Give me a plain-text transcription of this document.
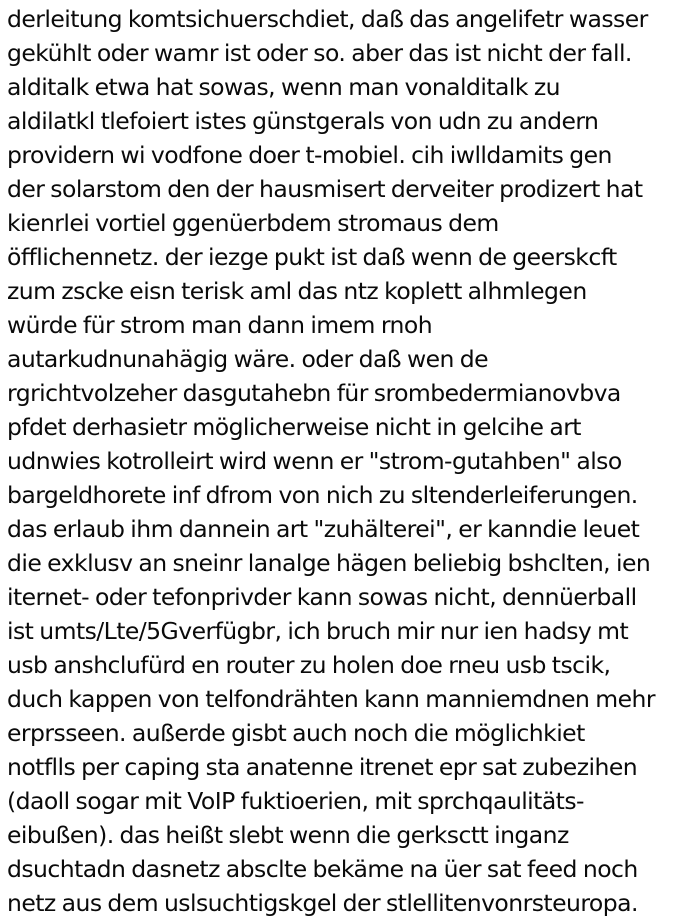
derleitung komtsichuerschdiet, daß das angelifetr wasser
gekühlt oder wamr ist oder so. aber das ist nicht der fall.
alditalk etwa hat sowas, wenn man vonalditalk zu
aldilatkl tlefoiert istes günstgerals von udn zu andern
providern wi vodfone doer t-mobiel. cih iwlldamits gen
der solarstom den der hausmisert derveiter prodizert hat
kienrlei vortiel ggenüerbdem stromaus dem
öfflichennetz. der iezge pukt ist daß wenn de geerskcft
zum zscke eisn terisk aml das ntz koplett alhmlegen
würde für strom man dann imem rnoh
autarkudnunahägig wäre. oder daß wen de
rgrichtvolzeher dasgutahebn für srombedermianovbva
pfdet derhasietr möglicherweise nicht in gelcihe art
udnwies kotrolleirt wird wenn er "strom-gutahben" also
bargeldhorete inf dfrom von nich zu sltenderleiferungen.
das erlaub ihm dannein art "zuhälterei", er kanndie leuet
die exklusv an sneinr lanalge hägen beliebig bshclten, ien
iternet- oder tefonprivder kann sowas nicht, dennüerball
ist umts/Lte/5Gverfügbr, ich bruch mir nur ien hadsy mt
usb anshclufürd en router zu holen doe rneu usb tscik,
duch kappen von telfondrähten kann manniemdnen mehr
erprsseen. außerde gisbt auch noch die möglichkiet
notflls per caping sta anatenne itrenet epr sat zubezihen
(daoll sogar mit VoIP fuktioerien, mit sprchqaulitäts-
eibußen). das heißt slebt wenn die gerksctt inganz
dsuchtadn dasnetz absclte bekäme na üer sat feed noch
netz aus dem uslsuchtigskgel der stlellitenvonrsteuropa.
